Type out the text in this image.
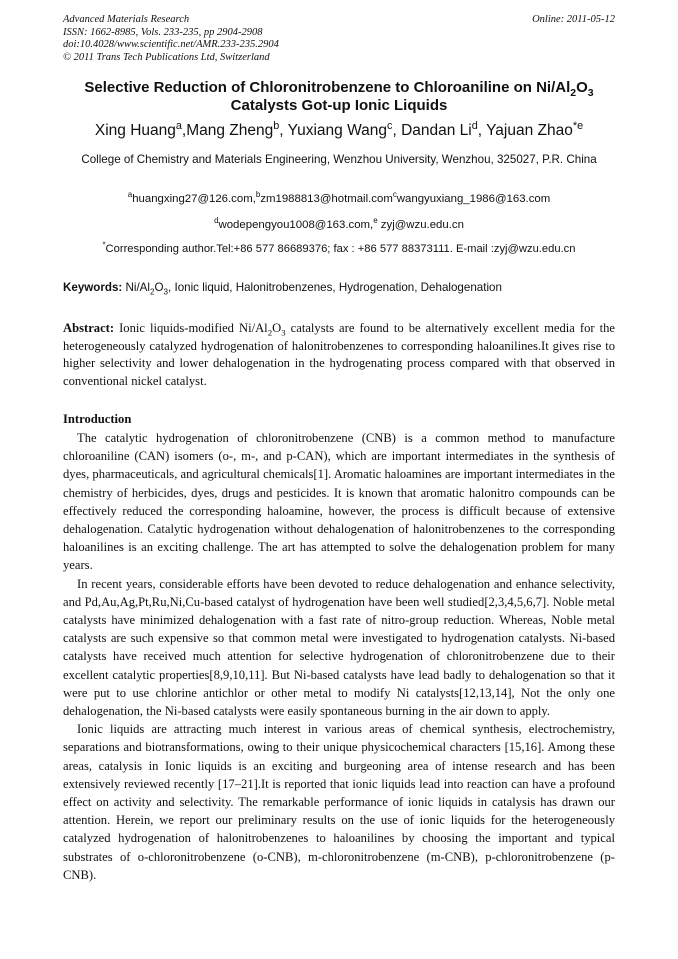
Advanced Materials Research
ISSN: 1662-8985, Vols. 233-235, pp 2904-2908
doi:10.4028/www.scientific.net/AMR.233-235.2904
© 2011 Trans Tech Publications Ltd, Switzerland
Online: 2011-05-12
Selective Reduction of Chloronitrobenzene to Chloroaniline on $Ni/Al_2O_3$
Catalysts Got-up Ionic Liquids
Xing Huang$^a$,Mang Zheng$^b$, Yuxiang Wang$^c$, Dandan Li$^d$, Yajuan Zhao$^{*e}$
College of Chemistry and Materials Engineering, Wenzhou University, Wenzhou, 325027, P.R. China
$^a$huangxing27@126.com,$^b$zm1988813@hotmail.com$^c$wangyuxiang_1986@163.com
$^d$wodepengyou1008@163.com,$^e$ zyj@wzu.edu.cn
*Corresponding author.Tel:+86 577 86689376; fax : +86 577 88373111. E-mail :zyj@wzu.edu.cn
Keywords: $Ni/Al_2O_3$, Ionic liquid, Halonitrobenzenes, Hydrogenation, Dehalogenation
Abstract: Ionic liquids-modified $Ni/Al_2O_3$ catalysts are found to be alternatively excellent media for the heterogeneously catalyzed hydrogenation of halonitrobenzenes to corresponding haloanilines.It gives rise to higher selectivity and lower dehalogenation in the hydrogenating process compared with that observed in conventional nickel catalyst.
Introduction

The catalytic hydrogenation of chloronitrobenzene (CNB) is a common method to manufacture chloroaniline (CAN) isomers (o-, m-, and p-CAN), which are important intermediates in the synthesis of dyes, pharmaceuticals, and agricultural chemicals[1]. Aromatic haloamines are important intermediates in the chemistry of herbicides, dyes, drugs and pesticides. It is known that aromatic halonitro compounds can be effectively reduced the corresponding haloamine, however, the process is difficult because of extensive dehalogenation. Catalytic hydrogenation without dehalogenation of halonitrobenzenes to the corresponding haloanilines is an exciting challenge. The art has attempted to solve the dehalogenation problem for many years.

In recent years, considerable efforts have been devoted to reduce dehalogenation and enhance selectivity, and Pd,Au,Ag,Pt,Ru,Ni,Cu-based catalyst of hydrogenation have been well studied[2,3,4,5,6,7]. Noble metal catalysts have minimized dehalogenation with a fast rate of nitro-group reduction. Whereas, Noble metal catalysts are such expensive so that common metal were investigated to hydrogenation catalysts. Ni-based catalysts have received much attention for selective hydrogenation of chloronitrobenzene due to their excellent catalytic properties[8,9,10,11]. But Ni-based catalysts have lead badly to dehalogenation so that it were put to use chlorine antichlor or other metal to modify Ni catalysts[12,13,14], Not the only one dehalogenation, the Ni-based catalysts were easily spontaneous burning in the air down to apply.

Ionic liquids are attracting much interest in various areas of chemical synthesis, electrochemistry, separations and biotransformations, owing to their unique physicochemical characters [15,16]. Among these areas, catalysis in Ionic liquids is an exciting and burgeoning area of intense research and has been extensively reviewed recently [17–21].It is reported that ionic liquids lead into reaction can have a profound effect on activity and selectivity. The remarkable performance of ionic liquids in catalysis has drawn our attention. Herein, we report our preliminary results on the use of ionic liquids for the heterogeneously catalyzed hydrogenation of halonitrobenzenes to haloanilines by choosing the important and typical substrates of o-chloronitrobenzene (o-CNB), m-chloronitrobenzene (m-CNB), p-chloronitrobenzene (p-CNB).
